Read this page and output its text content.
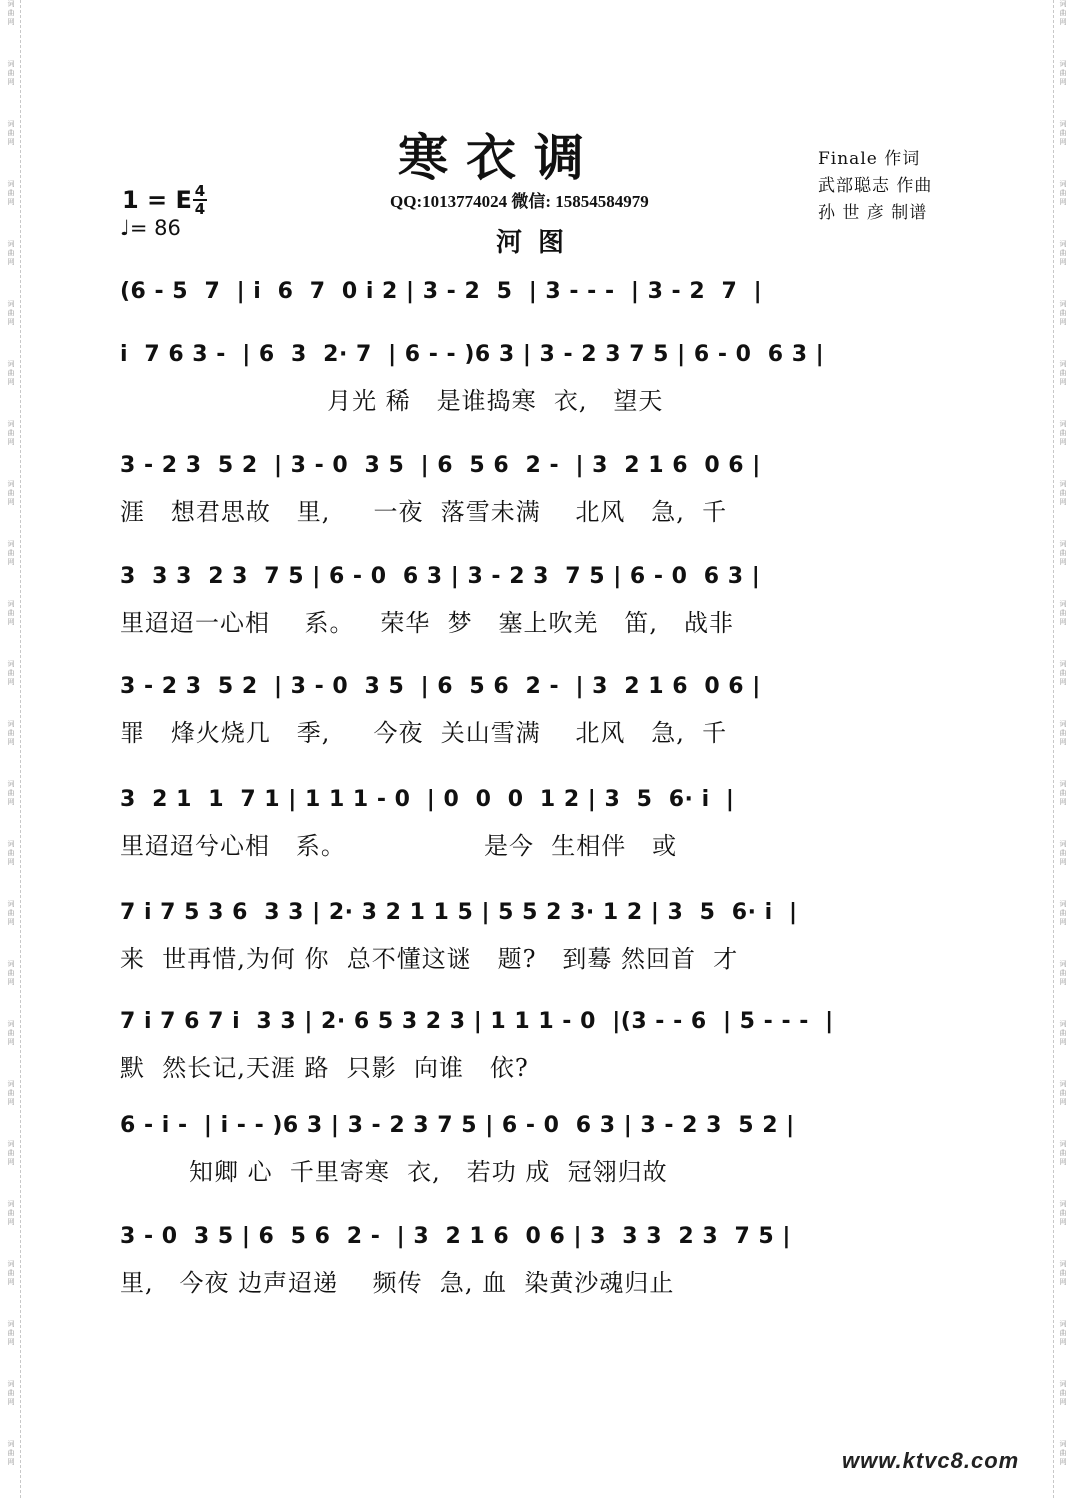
词
曲
网
词
曲
网
词
曲
网
词
曲
网
词
曲
网
词
曲
网
词
曲
网
词
曲
网
词
曲
网
词
曲
网
词
曲
网
词
曲
网
词
曲
网
词
曲
网
词
曲
网
词
曲
网
词
曲
网
词
曲
网
词
曲
网
词
曲
网
词
曲
网
词
曲
网
词
曲
网
词
曲
网
词
曲
网
词
曲
网
词
曲
网
词
曲
网
词
曲
网
词
曲
网
词
曲
网
词
曲
网
词
曲
网
词
曲
网
词
曲
网
词
曲
网
词
曲
网
词
曲
网
词
曲
网
词
曲
网
词
曲
网
词
曲
网
词
曲
网
词
曲
网
词
曲
网
词
曲
网
词
曲
网
词
曲
网
词
曲
网
词
曲
网
寒衣调
QQ:1013774024 微信: 15854584979
河图
Finale 作词
武部聪志 作曲
孙 世 彦 制谱
1 = E 4
4
♩= 86
(6 - 5  7  | i  6  7  0 i 2 | 3 - 2  5  | 3 - - -  | 3 - 2  7  |
i  7 6 3 -  | 6  3  2· 7  | 6 - - )6 3 | 3 - 2 3 7 5 | 6 - 0  6 3 |
月光 稀   是谁捣寒  衣,   望天
3 - 2 3  5 2  | 3 - 0  3 5  | 6  5 6  2 -  | 3  2 1 6  0 6 |
涯   想君思故   里,     一夜  落雪未满    北风   急,  千
3  3 3  2 3  7 5 | 6 - 0  6 3 | 3 - 2 3  7 5 | 6 - 0  6 3 |
里迢迢一心相    系。   荣华  梦   塞上吹羌   笛,   战非
3 - 2 3  5 2  | 3 - 0  3 5  | 6  5 6  2 -  | 3  2 1 6  0 6 |
罪   烽火烧几   季,     今夜  关山雪满    北风   急,  千
3  2 1  1  7 1 | 1 1 1 - 0  | 0  0  0  1 2 | 3  5  6· i  |
里迢迢兮心相   系。                是今  生相伴   或
7 i 7 5 3 6  3 3 | 2· 3 2 1 1 5 | 5 5 2 3· 1 2 | 3  5  6· i  |
来  世再惜,为何 你  总不懂这谜   题?   到蓦 然回首  才
7 i 7 6 7 i  3 3 | 2· 6 5 3 2 3 | 1 1 1 - 0  |(3 - - 6  | 5 - - -  |
默  然长记,天涯 路  只影  向谁   依?
6 - i -  | i - - )6 3 | 3 - 2 3 7 5 | 6 - 0  6 3 | 3 - 2 3  5 2 |
知卿 心  千里寄寒  衣,   若功 成  冠翎归故
3 - 0  3 5 | 6  5 6  2 -  | 3  2 1 6  0 6 | 3  3 3  2 3  7 5 |
里,   今夜 边声迢递    频传  急, 血  染黄沙魂归止
www.ktvc8.com
